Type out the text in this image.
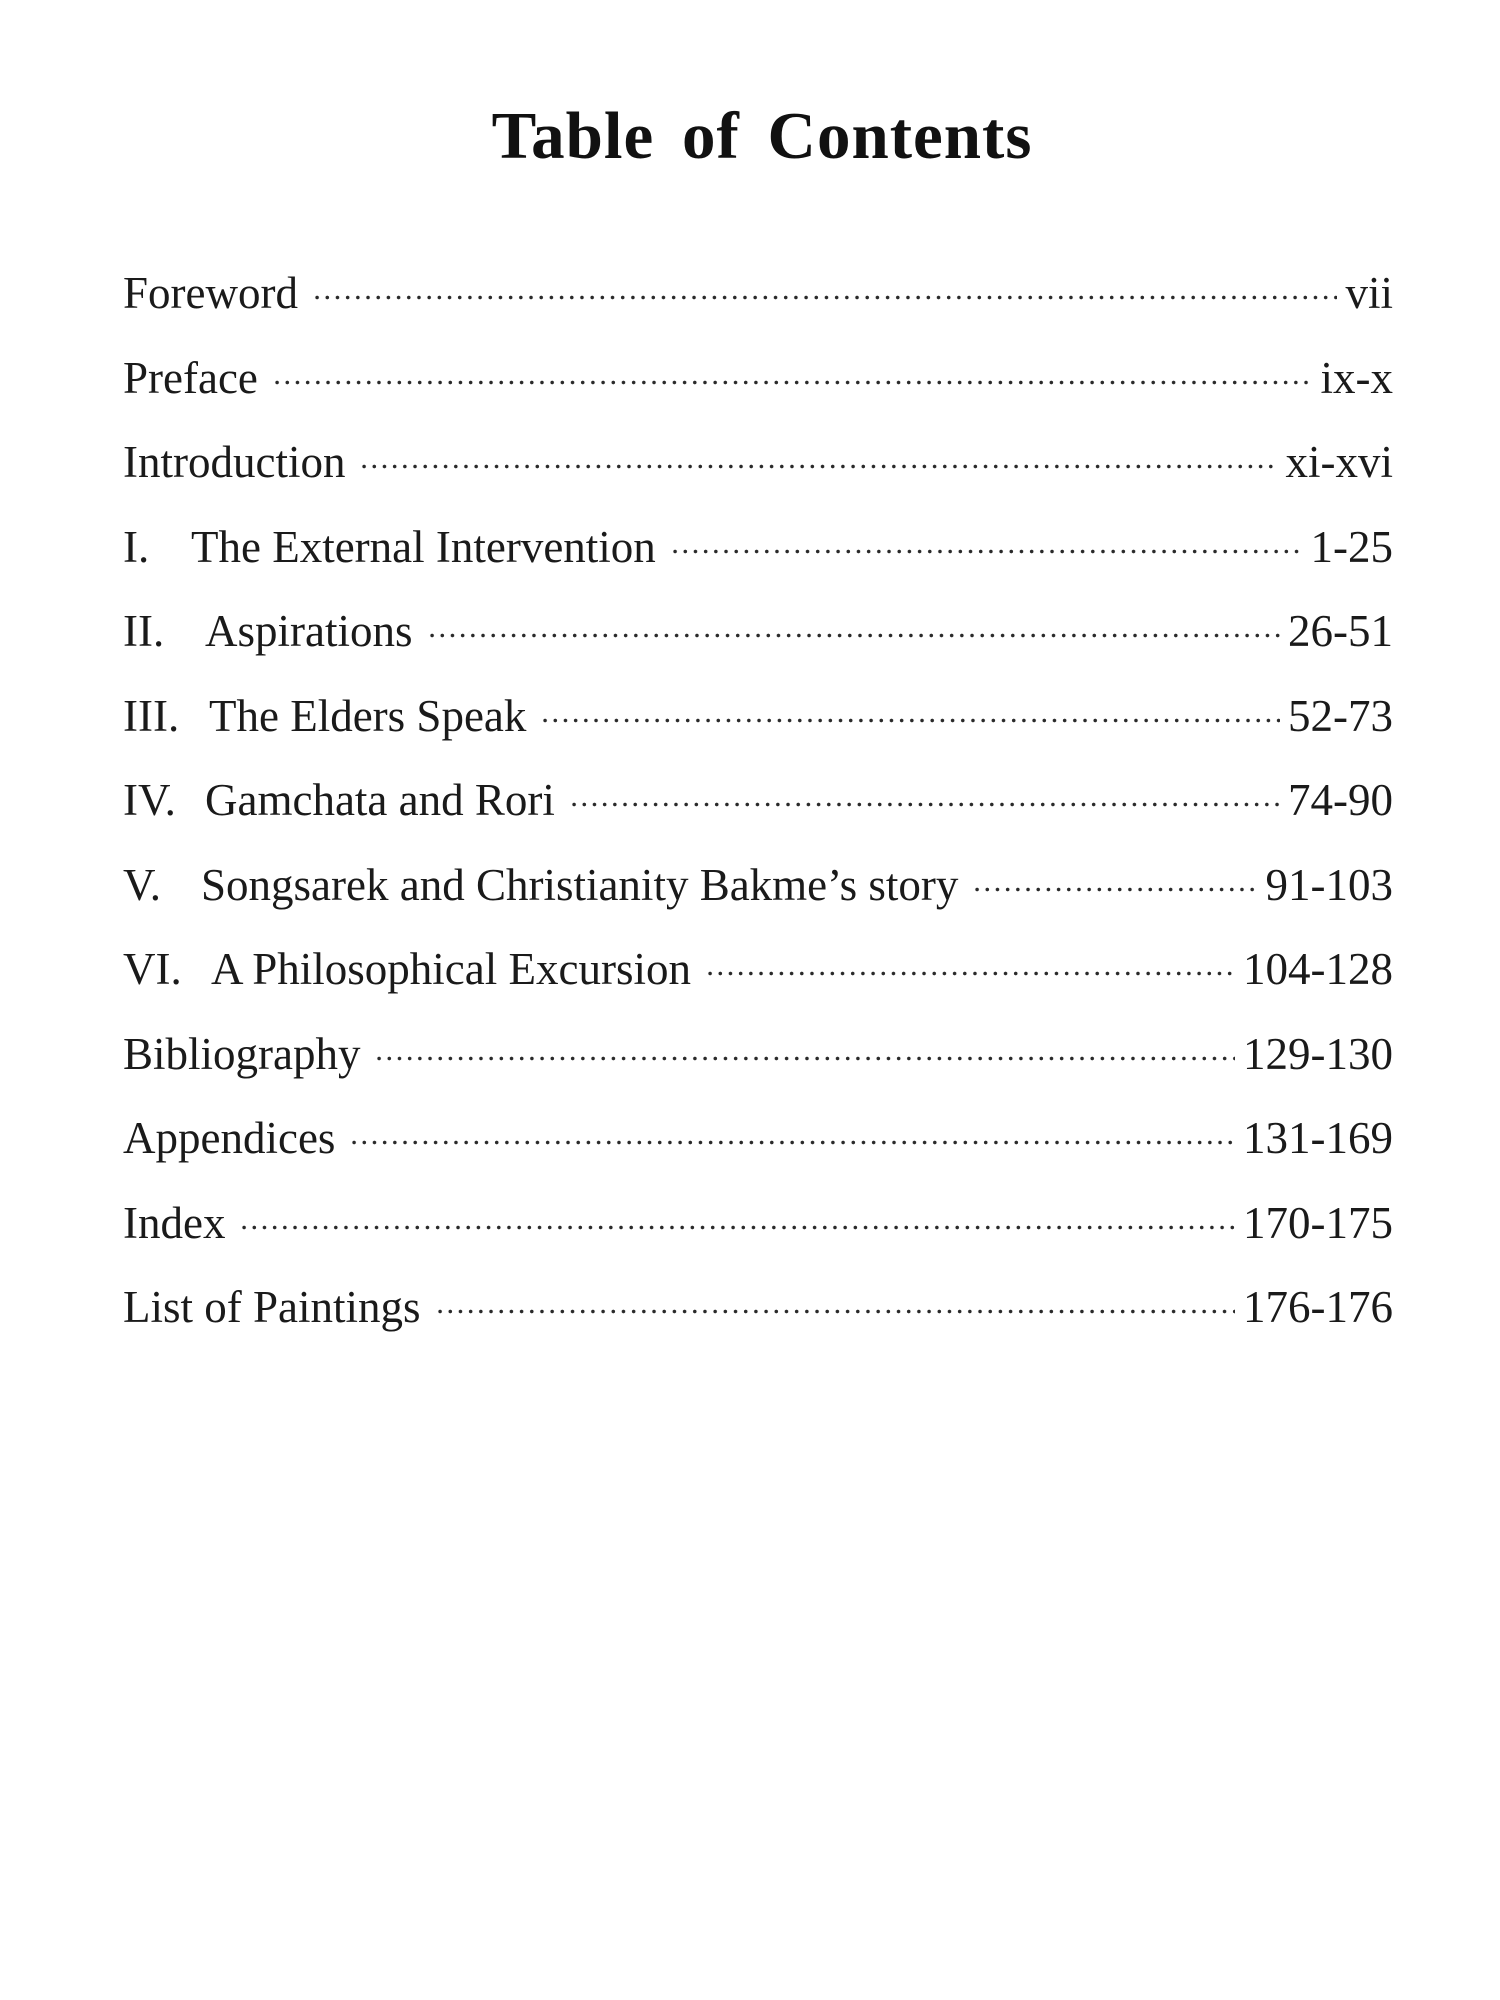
Table of Contents
Foreword	vii
Preface	ix-x
Introduction	xi-xvi
I. The External Intervention	1-25
II. Aspirations	26-51
III. The Elders Speak	52-73
IV. Gamchata and Rori	74-90
V. Songsarek and Christianity Bakme’s story	91-103
VI. A Philosophical Excursion	104-128
Bibliography	129-130
Appendices	131-169
Index	170-175
List of Paintings	176-176
